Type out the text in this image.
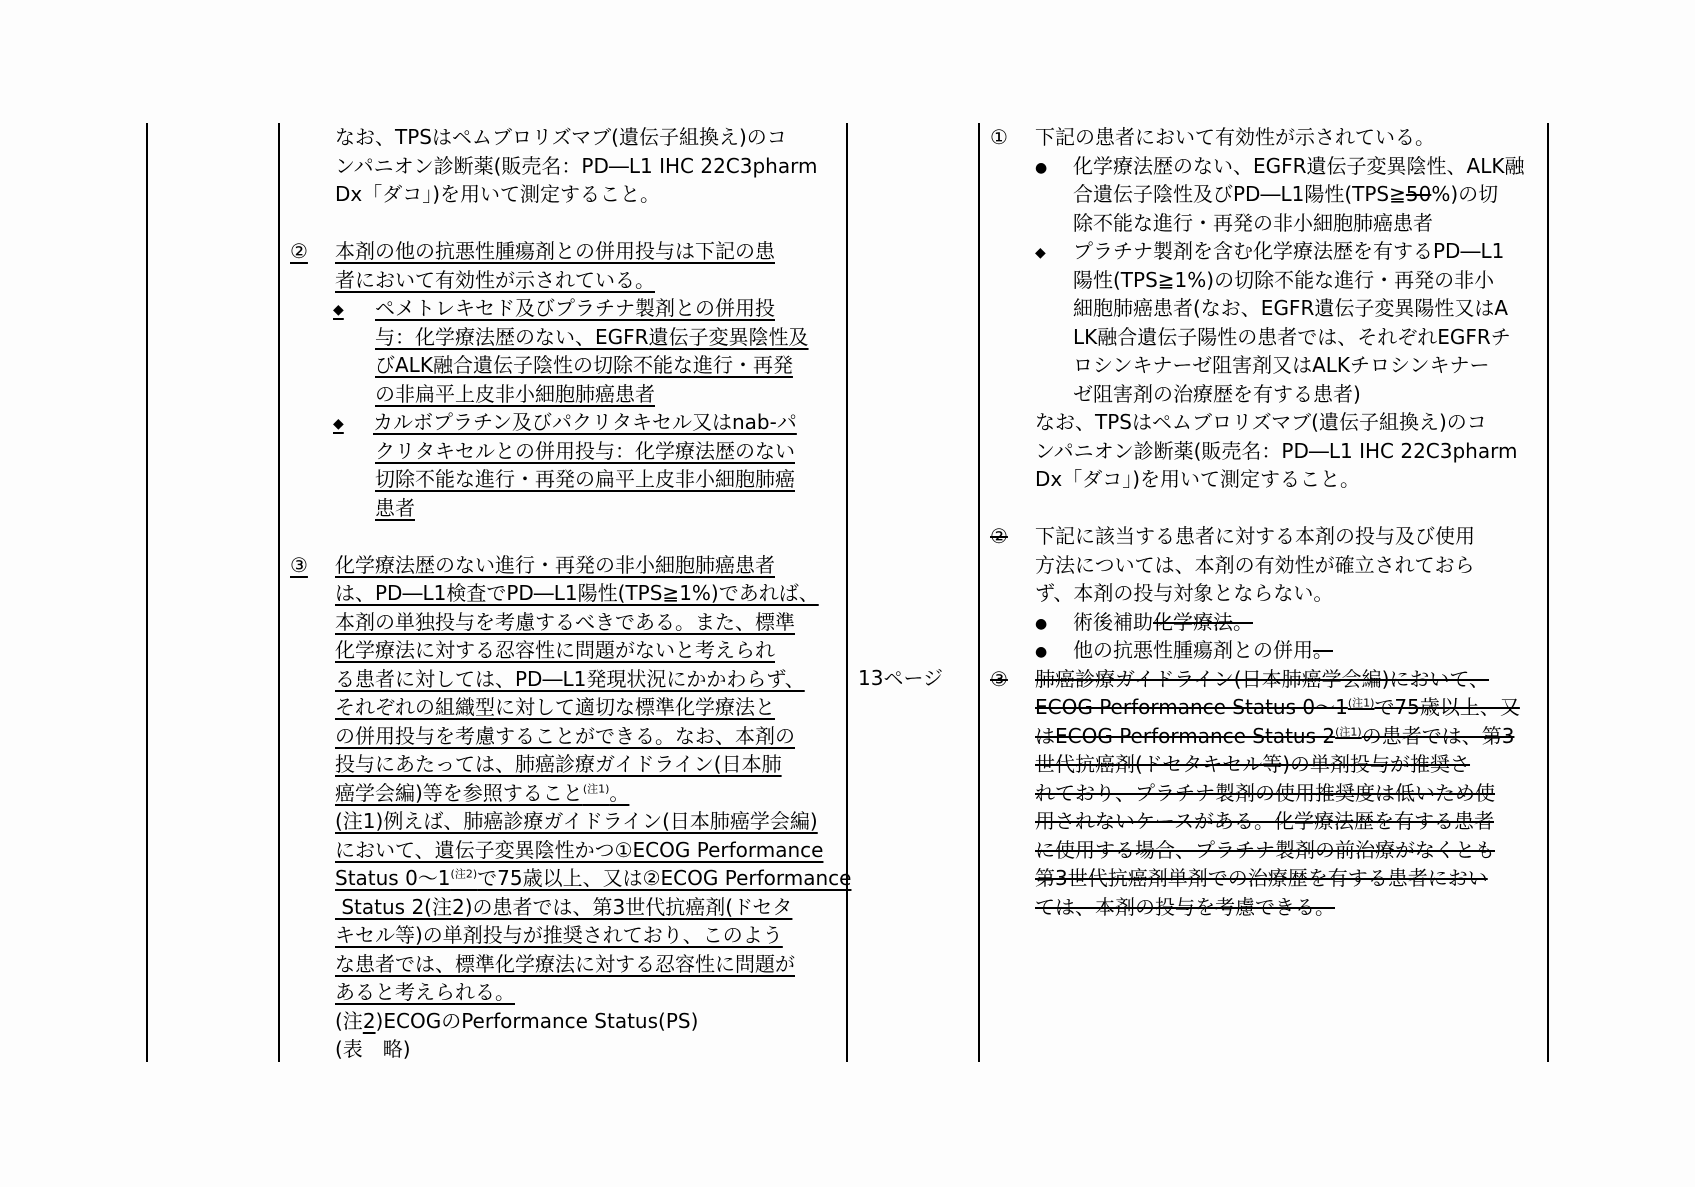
13ページ
なお、TPSはペムブロリズマブ(遺伝子組換え)のコ
ンパニオン診断薬(販売名：PD―L1 IHC 22C3pharm
Dx「ダコ」)を用いて測定すること。
② 本剤の他の抗悪性腫瘍剤との併用投与は下記の患
者において有効性が示されている。
◆ ペメトレキセド及びプラチナ製剤との併用投
与：化学療法歴のない、EGFR遺伝子変異陰性及
びALK融合遺伝子陰性の切除不能な進行・再発
の非扁平上皮非小細胞肺癌患者
◆ カルボプラチン及びパクリタキセル又はnab-パ
クリタキセルとの併用投与：化学療法歴のない
切除不能な進行・再発の扁平上皮非小細胞肺癌
患者
③ 化学療法歴のない進行・再発の非小細胞肺癌患者
は、PD―L1検査でPD―L1陽性(TPS≧1%)であれば、
本剤の単独投与を考慮するべきである。また、標準
化学療法に対する忍容性に問題がないと考えられ
る患者に対しては、PD―L1発現状況にかかわらず、
それぞれの組織型に対して適切な標準化学療法と
の併用投与を考慮することができる。なお、本剤の
投与にあたっては、肺癌診療ガイドライン(日本肺
癌学会編)等を参照すること$^{(注1)}$。
(注1)例えば、肺癌診療ガイドライン(日本肺癌学会編)
において、遺伝子変異陰性かつ①ECOG Performance
Status $0\sim 1^{(注2)}$で75歳以上、又は②ECOG Performance
Status 2(注2)の患者では、第3世代抗癌剤(ドセタ
キセル等)の単剤投与が推奨されており、このよう
な患者では、標準化学療法に対する忍容性に問題が
あると考えられる。
(注2)ECOGのPerformance Status(PS)
(表　略)
① 下記の患者において有効性が示されている。
● 化学療法歴のない、EGFR遺伝子変異陰性、ALK融
合遺伝子陰性及びPD―L1陽性(TPS≧50%)の切
除不能な進行・再発の非小細胞肺癌患者
◆ プラチナ製剤を含む化学療法歴を有するPD―L1
陽性(TPS≧1%)の切除不能な進行・再発の非小
細胞肺癌患者(なお、EGFR遺伝子変異陽性又はA
LK融合遺伝子陽性の患者では、それぞれEGFRチ
ロシンキナーゼ阻害剤又はALKチロシンキナー
ゼ阻害剤の治療歴を有する患者)
なお、TPSはペムブロリズマブ(遺伝子組換え)のコ
ンパニオン診断薬(販売名：PD―L1 IHC 22C3pharm
Dx「ダコ」)を用いて測定すること。
② 下記に該当する患者に対する本剤の投与及び使用
方法については、本剤の有効性が確立されておら
ず、本剤の投与対象とならない。
● 術後補助化学療法。
● 他の抗悪性腫瘍剤との併用。
③ 肺癌診療ガイドライン(日本肺癌学会編)において、
ECOG Performance Status $0\sim 1^{(注1)}$で75歳以上、又
はECOG Performance Status $2^{(注1)}$の患者では、第3
世代抗癌剤(ドセタキセル等)の単剤投与が推奨さ
れており、プラチナ製剤の使用推奨度は低いため使
用されないケースがある。化学療法歴を有する患者
に使用する場合、プラチナ製剤の前治療がなくとも
第3世代抗癌剤単剤での治療歴を有する患者におい
ては、本剤の投与を考慮できる。
